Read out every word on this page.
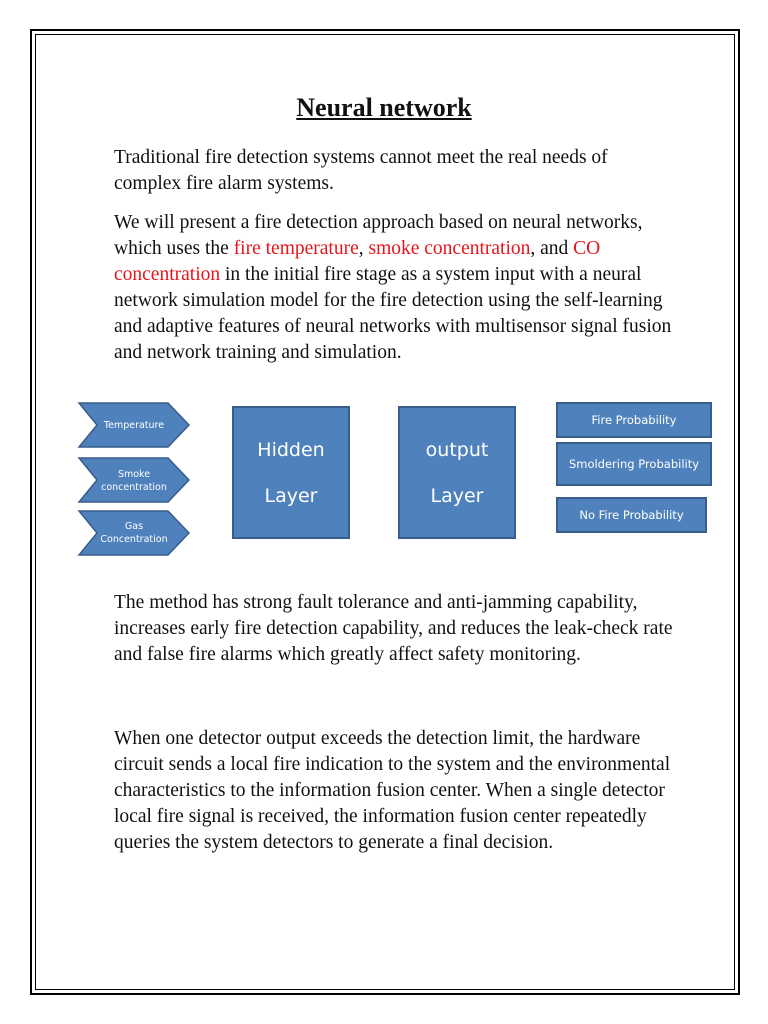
Neural network

Traditional fire detection systems cannot meet the real needs of complex fire alarm systems.

We will present a fire detection approach based on neural networks, which uses the fire temperature, smoke concentration, and CO concentration in the initial fire stage as a system input with a neural network simulation model for the fire detection using the self-learning and adaptive features of neural networks with multisensor signal fusion and network training and simulation.

Temperature
Smoke
concentration
Gas
Concentration
Hidden
Layer
output
Layer
Fire Probability
Smoldering Probability
No Fire Probability

The method has strong fault tolerance and anti-jamming capability, increases early fire detection capability, and reduces the leak-check rate and false fire alarms which greatly affect safety monitoring.

When one detector output exceeds the detection limit, the hardware circuit sends a local fire indication to the system and the environmental characteristics to the information fusion center. When a single detector local fire signal is received, the information fusion center repeatedly queries the system detectors to generate a final decision.
